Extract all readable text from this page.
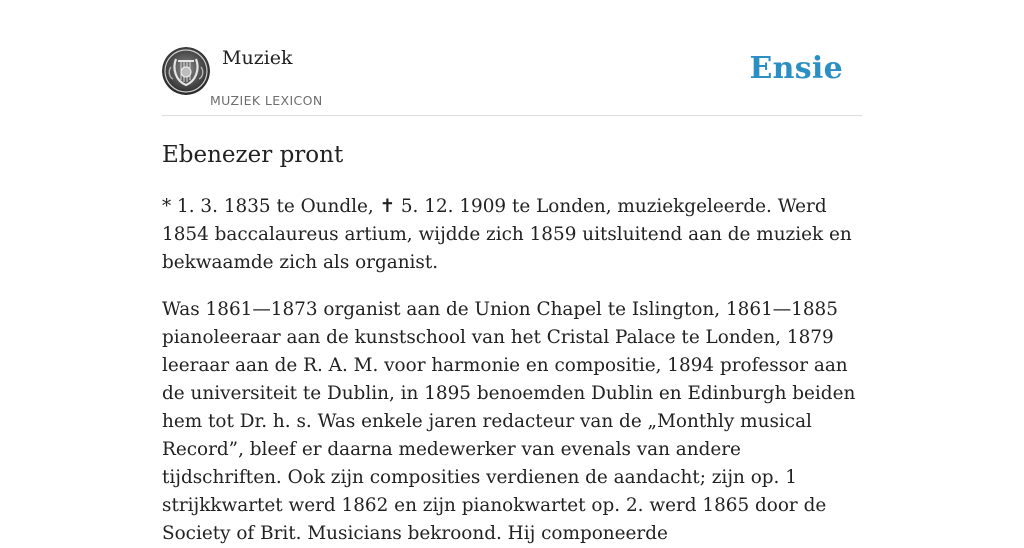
Muziek
MUZIEK LEXICON
Ensie
Ebenezer pront

* 1. 3. 1835 te Oundle, ✝ 5. 12. 1909 te Londen, muziekgeleerde. Werd 1854 baccalaureus artium, wijdde zich 1859 uitsluitend aan de muziek en bekwaamde zich als organist.

Was 1861—1873 organist aan de Union Chapel te Islington, 1861—1885 pianoleeraar aan de kunstschool van het Cristal Palace te Londen, 1879 leeraar aan de R. A. M. voor harmonie en compositie, 1894 professor aan de universiteit te Dublin, in 1895 benoemden Dublin en Edinburgh beiden hem tot Dr. h. s. Was enkele jaren redacteur van de „Monthly musical Record”, bleef er daarna medewerker van evenals van andere tijdschriften. Ook zijn composities verdienen de aandacht; zijn op. 1 strijkkwartet werd 1862 en zijn pianokwartet op. 2. werd 1865 door de Society of Brit. Musicians bekroond. Hij componeerde
